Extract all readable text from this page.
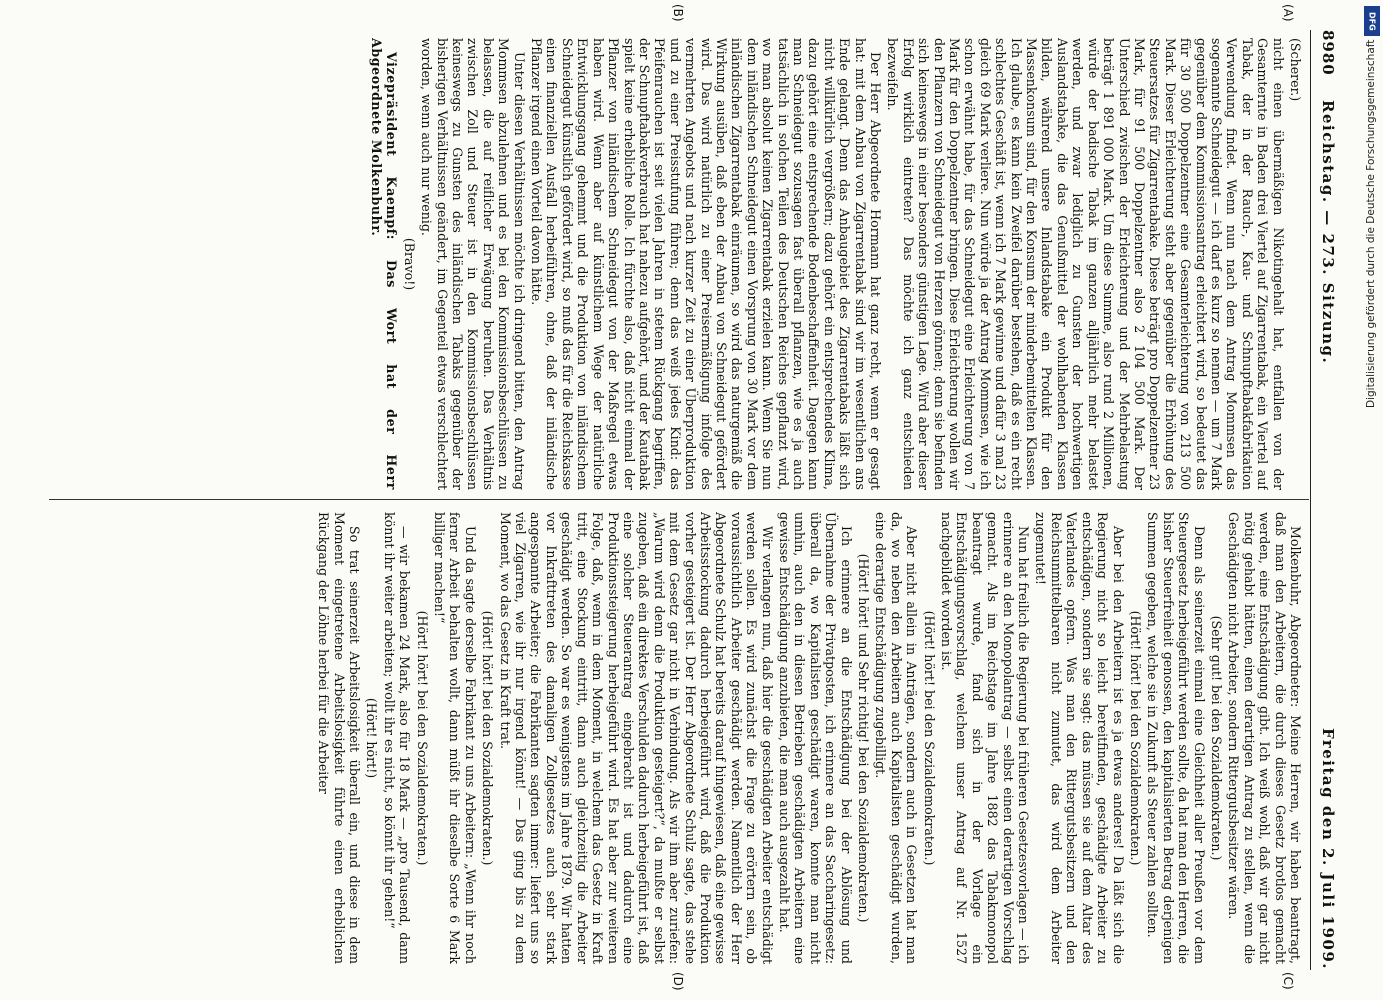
8980
Reichstag. — 273. Sitzung.
Freitag den 2. Juli 1909.
(A)
(B)
(C)
(D)

(Scherer.)

nicht einen übermäßigen Nikotingehalt hat, entfallen von der Gesamternte in Baden drei Viertel auf Zigarrentabak, ein Viertel auf Tabak, der in der Rauch-, Kau- und Schnupftabakfabrikation Verwendung findet. Wenn nun nach dem Antrag Mommsen das sogenannte Schneidegut — ich darf es kurz so nennen — um 7 Mark gegenüber dem Kommissionsantrag erleichtert wird, so bedeutet das für 30 500 Doppelzentner eine Gesamterleichterung von 213 500 Mark. Dieser Erleichterung steht aber gegenüber die Erhöhung des Steuersatzes für Zigarrentabake. Diese beträgt pro Doppelzentner 23 Mark, für 91 500 Doppelzentner also 2 104 500 Mark. Der Unterschied zwischen der Erleichterung und der Mehrbelastung beträgt 1 891 000 Mark. Um diese Summe, also rund 2 Millionen, würde der badische Tabak im ganzen alljährlich mehr belastet werden, und zwar lediglich zu Gunsten der hochwertigen Auslandstabake, die das Genußmittel der wohlhabenden Klassen bilden, während unsere Inlandstabake ein Produkt für den Massenkonsum sind, für den Konsum der minderbemittelten Klassen. Ich glaube, es kann kein Zweifel darüber bestehen, daß es ein recht schlechtes Geschäft ist, wenn ich 7 Mark gewinne und dafür 3 mal 23 gleich 69 Mark verliere. Nun würde ja der Antrag Mommsen, wie ich schon erwähnt habe, für das Schneidegut eine Erleichterung von 7 Mark für den Doppelzentner bringen. Diese Erleichterung wollen wir den Pflanzern von Schneidegut von Herzen gönnen; denn sie befinden sich keineswegs in einer besonders günstigen Lage. Wird aber dieser Erfolg wirklich eintreten? Das möchte ich ganz entschieden bezweifeln.

Der Herr Abgeordnete Hormann hat ganz recht, wenn er gesagt hat: mit dem Anbau von Zigarrentabak sind wir im wesentlichen ans Ende gelangt. Denn das Anbaugebiet des Zigarrentabaks läßt sich nicht willkürlich vergrößern; dazu gehört ein entsprechendes Klima, dazu gehört eine entsprechende Bodenbeschaffenheit. Dagegen kann man Schneidegut sozusagen fast überall pflanzen, wie es ja auch tatsächlich in solchen Teilen des Deutschen Reiches gepflanzt wird, wo man absolut keinen Zigarrentabak erzielen kann. Wenn Sie nun dem inländischen Schneidegut einen Vorsprung von 30 Mark vor dem inländischen Zigarrentabak einräumen, so wird das naturgemäß die Wirkung ausüben, daß eben der Anbau von Schneidegut gefördert wird. Das wird natürlich zu einer Preisermäßigung infolge des vermehrten Angebots und nach kurzer Zeit zu einer Überproduktion und zu einer Preisstufung führen; denn das weiß jedes Kind: das Pfeifenrauchen ist seit vielen Jahren in stetem Rückgang begriffen, der Schnupftabakverbrauch hat nahezu aufgehört, und der Kautabak spielt keine erhebliche Rolle. Ich fürchte also, daß nicht einmal der Pflanzer von inländischem Schneidegut von der Maßregel etwas haben wird. Wenn aber auf künstlichem Wege der natürliche Entwicklungsgang gehemmt und die Produktion von inländischem Schneidegut künstlich gefördert wird, so muß das für die Reichskasse einen finanziellen Ausfall herbeiführen, ohne, daß der inländische Pflanzer irgend einen Vorteil davon hätte.

Unter diesen Verhältnissen möchte ich dringend bitten, den Antrag Mommsen abzulehnen und es bei den Kommissionsbeschlüssen zu belassen, die auf reiflicher Erwägung beruhen. Das Verhältnis zwischen Zoll und Steuer ist in den Kommissionsbeschlüssen keineswegs zu Gunsten des inländischen Tabaks gegenüber der bisherigen Verhältnissen geändert, im Gegenteil etwas verschlechtert worden, wenn auch nur wenig.

(Bravo!)

Vizepräsident Kaempf: Das Wort hat der Herr Abgeordnete Molkenbuhr.

Molkenbuhr, Abgeordneter: Meine Herren, wir haben beantragt, daß man den Arbeitern, die durch dieses Gesetz brotlos gemacht werden, eine Entschädigung gibt. Ich weiß wohl, daß wir gar nicht nötig gehabt hätten, einen derartigen Antrag zu stellen, wenn die Geschädigten nicht Arbeiter, sondern Rittergutsbesitzer wären.

(Sehr gut! bei den Sozialdemokraten.)

Denn als seinerzeit einmal eine Gleichheit aller Preußen vor dem Steuergesetz herbeigeführt werden sollte, da hat man den Herren, die bisher Steuerfreiheit genossen, den kapitalisierten Betrag derjenigen Summen gegeben, welche sie in Zukunft als Steuer zahlen sollten.

(Hört! hört! bei den Sozialdemokraten.)

Aber bei den Arbeitern ist es ja etwas anderes! Da läßt sich die Regierung nicht so leicht bereitfinden, geschädigte Arbeiter zu entschädigen, sondern sie sagt: das müssen sie auf dem Altar des Vaterlandes opfern. Was man den Rittergutsbesitzern und den Reichsunmittelbaren nicht zumutet, das wird dem Arbeiter zugemutet!

Nun hat freilich die Regierung bei früheren Gesetzesvorlagen — ich erinnere an den Monopolantrag — selbst einen derartigen Vorschlag gemacht. Als im Reichstage im Jahre 1882 das Tabakmonopol beantragt wurde, fand sich in der Vorlage ein Entschädigungsvorschlag, welchem unser Antrag auf Nr. 1527 nachgebildet worden ist.

(Hört! hört! bei den Sozialdemokraten.)

Aber nicht allein in Anträgen, sondern auch in Gesetzen hat man da, wo neben den Arbeitern auch Kapitalisten geschädigt wurden, eine derartige Entschädigung zugebilligt.

(Hört! hört! und Sehr richtig! bei den Sozialdemokraten.)

Ich erinnere an die Entschädigung bei der Ablösung und Übernahme der Privatposten, ich erinnere an das Saccharingesetz: überall da, wo Kapitalisten geschädigt waren, konnte man nicht umhin, auch den in diesen Betrieben geschädigten Arbeitern eine gewisse Entschädigung anzubieten, die man auch ausgezahlt hat.

Wir verlangen nun, daß hier die geschädigten Arbeiter entschädigt werden sollen. Es wird zunächst die Frage zu erörtern sein, ob voraussichtlich Arbeiter geschädigt werden. Namentlich der Herr Abgeordnete Schulz hat bereits darauf hingewiesen, daß eine gewisse Arbeitsstockung dadurch herbeigeführt wird, daß die Produktion vorher gesteigert ist. Der Herr Abgeordnete Schulz sagte, das stehe mit dem Gesetz gar nicht in Verbindung. Als wir ihm aber zuriefen: „Warum wird denn die Produktion gesteigert?“, da mußte er selbst zugeben, daß ein direktes Verschulden dadurch herbeigeführt ist, daß eine solcher Steuerantrag eingebracht ist und dadurch eine Produktionssteigerung herbeigeführt wird. Es hat aber zur weiteren Folge, daß, wenn in dem Moment, in welchem das Gesetz in Kraft tritt, eine Stockung eintritt, dann auch gleichzeitig die Arbeiter geschädigt werden. So war es wenigstens im Jahre 1879. Wir hatten vor Inkrafttreten des damaligen Zollgesetzes auch sehr stark angespannte Arbeiter; die Fabrikanten sagten immer: liefert uns so viel Zigarren, wie ihr nur irgend könnt! — Das ging bis zu dem Moment, wo das Gesetz in Kraft trat.

(Hört! hört! bei den Sozialdemokraten.)

Und da sagte derselbe Fabrikant zu uns Arbeitern: „Wenn ihr noch ferner Arbeit behalten wollt, dann müßt ihr dieselbe Sorte 6 Mark billiger machen!“

(Hört! hört! bei den Sozialdemokraten.)

— wir bekamen 24 Mark, also für 18 Mark — „pro Tausend, dann könnt ihr weiter arbeiten; wollt ihr es nicht, so könnt ihr gehen!“

(Hört! hört!)

So trat seinerzeit Arbeitslosigkeit überall ein, und diese in dem Moment eingetretene Arbeitslosigkeit führte einen erheblichen Rückgang der Löhne herbei für die Arbeiter

DFG
Digitalisierung gefördert durch die Deutsche Forschungsgemeinschaft
